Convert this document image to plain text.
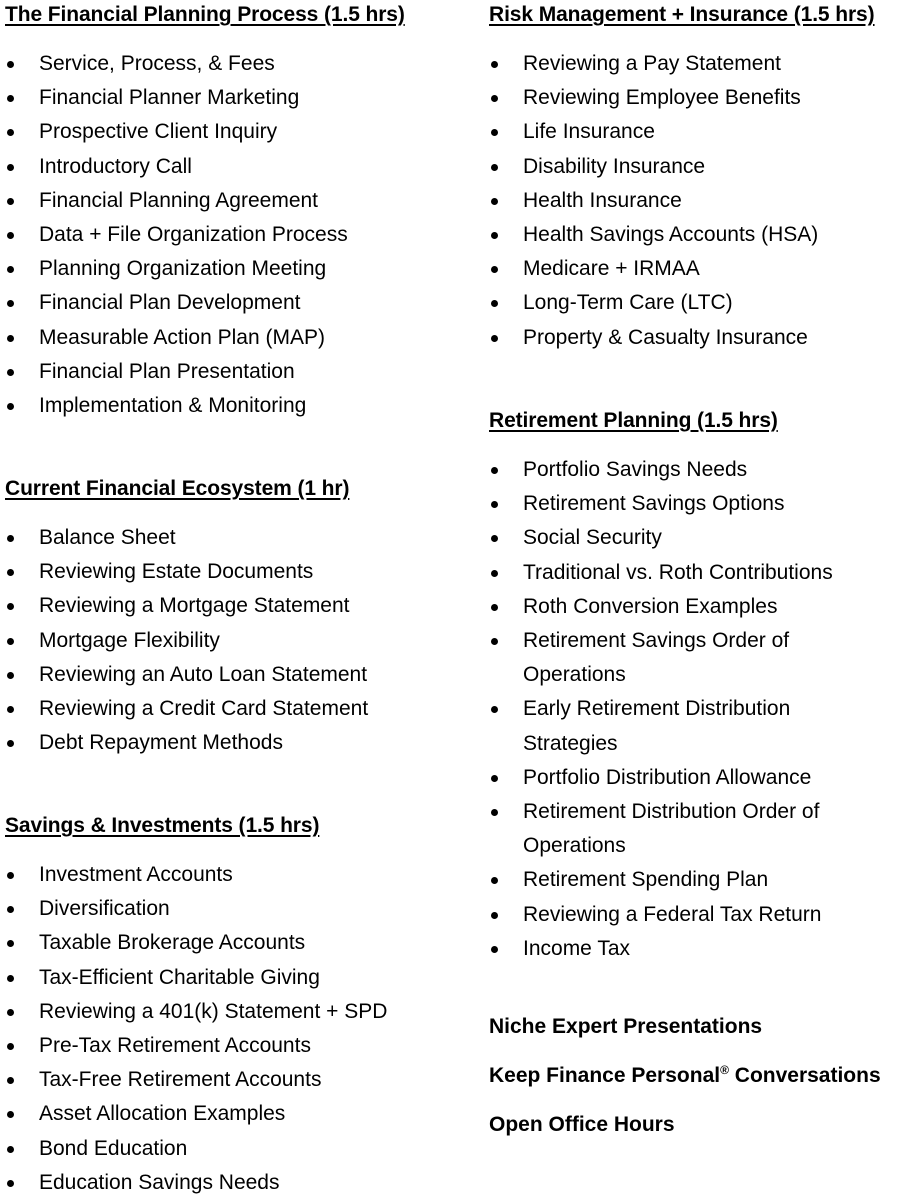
The Financial Planning Process (1.5 hrs)
Service, Process, & Fees
Financial Planner Marketing
Prospective Client Inquiry
Introductory Call
Financial Planning Agreement
Data + File Organization Process
Planning Organization Meeting
Financial Plan Development
Measurable Action Plan (MAP)
Financial Plan Presentation
Implementation & Monitoring
Current Financial Ecosystem (1 hr)
Balance Sheet
Reviewing Estate Documents
Reviewing a Mortgage Statement
Mortgage Flexibility
Reviewing an Auto Loan Statement
Reviewing a Credit Card Statement
Debt Repayment Methods
Savings & Investments (1.5 hrs)
Investment Accounts
Diversification
Taxable Brokerage Accounts
Tax-Efficient Charitable Giving
Reviewing a 401(k) Statement + SPD
Pre-Tax Retirement Accounts
Tax-Free Retirement Accounts
Asset Allocation Examples
Bond Education
Education Savings Needs
Risk Management + Insurance (1.5 hrs)
Reviewing a Pay Statement
Reviewing Employee Benefits
Life Insurance
Disability Insurance
Health Insurance
Health Savings Accounts (HSA)
Medicare + IRMAA
Long-Term Care (LTC)
Property & Casualty Insurance
Retirement Planning (1.5 hrs)
Portfolio Savings Needs
Retirement Savings Options
Social Security
Traditional vs. Roth Contributions
Roth Conversion Examples
Retirement Savings Order of
Operations
Early Retirement Distribution
Strategies
Portfolio Distribution Allowance
Retirement Distribution Order of
Operations
Retirement Spending Plan
Reviewing a Federal Tax Return
Income Tax

Niche Expert Presentations

Keep Finance Personal® Conversations

Open Office Hours
